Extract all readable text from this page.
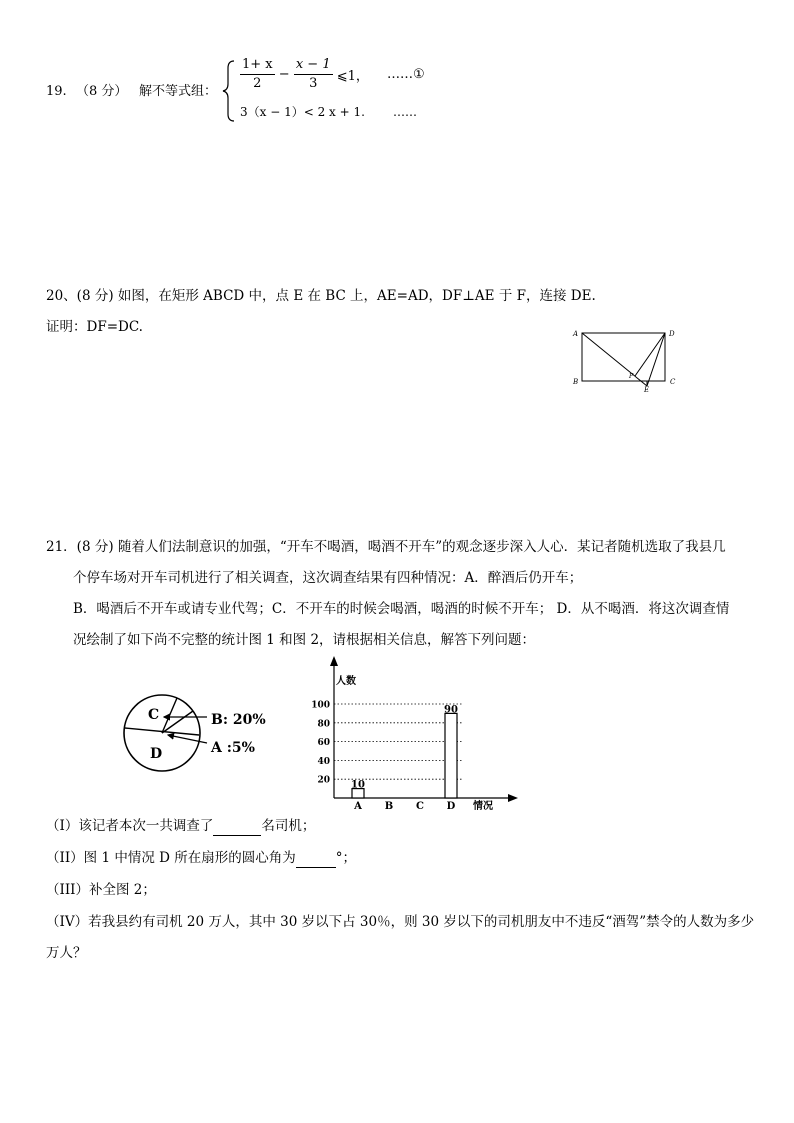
19. （8 分） 解不等式组： $\frac{1+ x}{2} - \frac{x - 1}{3}$ ⩽1， ……①
3（x − 1）< 2 x + 1. ……
20、(8 分) 如图，在矩形 ABCD 中，点 E 在 BC 上，AE=AD，DF⊥AE 于 F，连接 DE.
证明：DF=DC.	A
B	C
D
E
F
21．(8 分) 随着人们法制意识的加强，“开车不喝酒，喝酒不开车”的观念逐步深入人心．某记者随机选取了我县几
个停车场对开车司机进行了相关调查，这次调查结果有四种情况：A．醉酒后仍开车；
B．喝酒后不开车或请专业代驾；C．不开车的时候会喝酒，喝酒的时候不开车； D．从不喝酒．将这次调查情
况绘制了如下尚不完整的统计图 1 和图 2，请根据相关信息，解答下列问题：
C
D
B: 20%
A :5%
20
40
60
80
100
人数
情况
A
10
B C D
90
（I）该记者本次一共调查了	名司机；
（II）图 1 中情况 D 所在扇形的圆心角为	°；
（III）补全图 2；
（IV）若我县约有司机 20 万人，其中 30 岁以下占 30％，则 30 岁以下的司机朋友中不违反“酒驾”禁令的人数为多少
万人？
